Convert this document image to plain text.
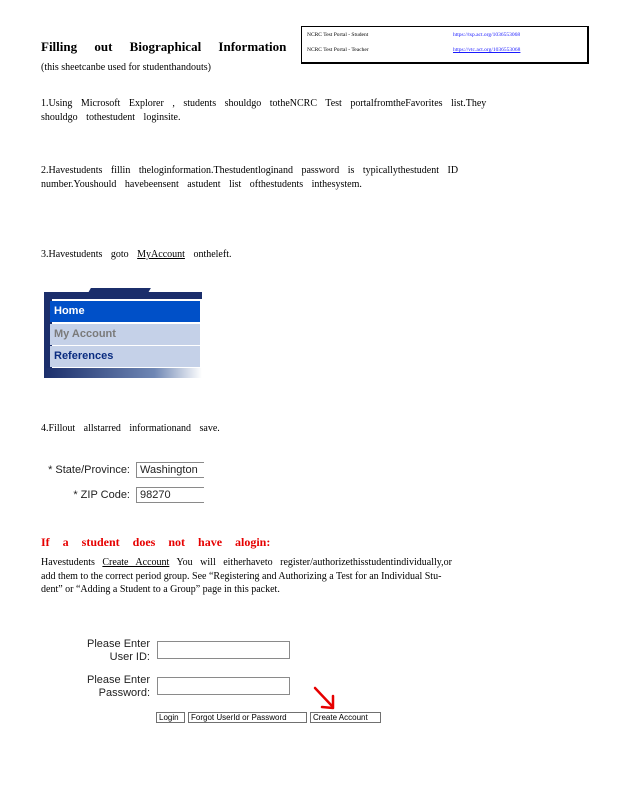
Filling out Biographical Information
(this sheetcanbe used for studenthandouts)
NCRC Test Portal - Student	https://tsp.act.org/1036553068
NCRC Test Portal - Teacher	https://vtc.act.org/1036553068
1.Using Microsoft Explorer , students shouldgo totheNCRC Test portalfromtheFavorites list.They shouldgo tothestudent loginsite.
2.Havestudents fillin theloginformation.Thestudentloginand password is typicallythestudent ID number.Youshould havebeensent astudent list ofthestudents inthesystem.
3.Havestudents goto MyAccount ontheleft.
Home
My Account
References
4.Fillout allstarred informationand save.
* State/Province: Washington
* ZIP Code: 98270
If a student does not have alogin:
Havestudents Create Account You will eitherhaveto register/authorizethisstudentindividually,or
add them to the correct period group. See “Registering and Authorizing a Test for an Individual Stu-
dent” or “Adding a Student to a Group” page in this packet.
Please Enter
User ID:
Please Enter
Password:
Login	Forgot UserId or Password	Create Account
